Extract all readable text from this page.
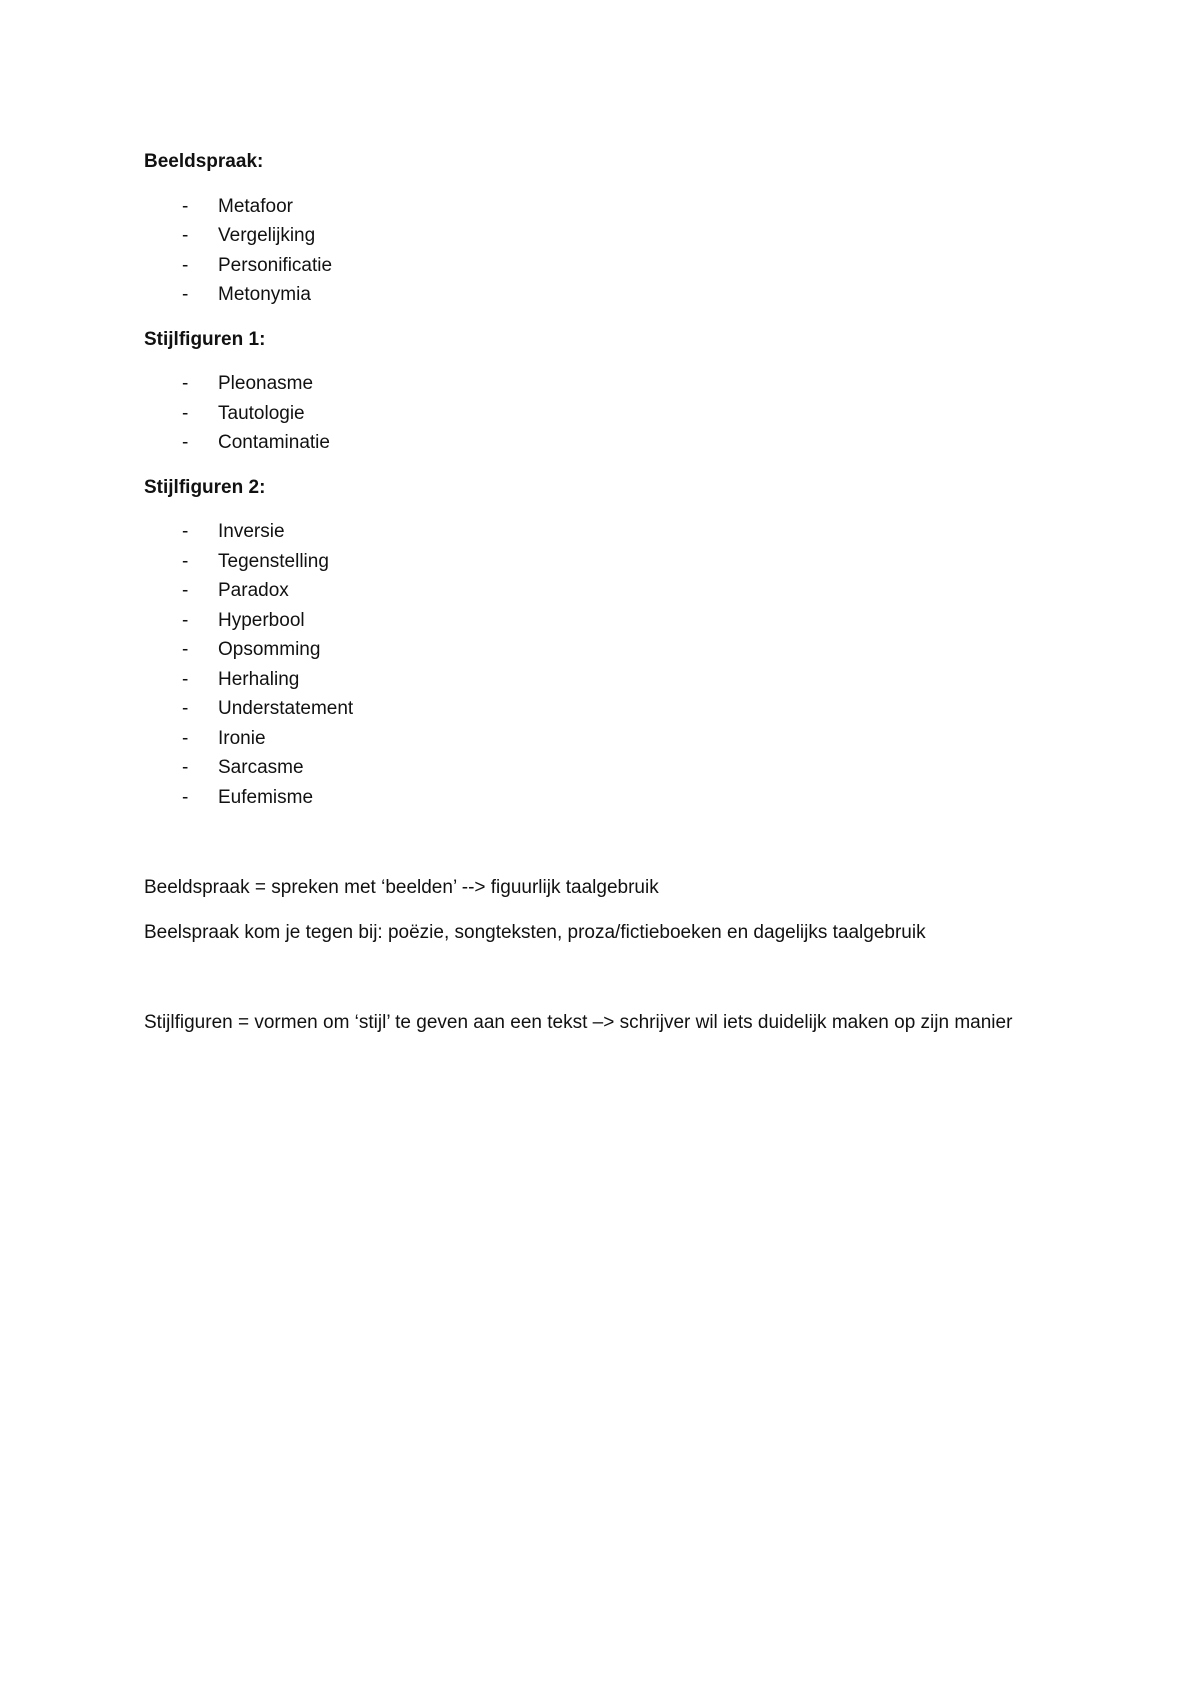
Beeldspraak:
- Metafoor
- Vergelijking
- Personificatie
- Metonymia
Stijlfiguren 1:
- Pleonasme
- Tautologie
- Contaminatie
Stijlfiguren 2:
- Inversie
- Tegenstelling
- Paradox
- Hyperbool
- Opsomming
- Herhaling
- Understatement
- Ironie
- Sarcasme
- Eufemisme

Beeldspraak = spreken met ‘beelden’ --> figuurlijk taalgebruik

Beelspraak kom je tegen bij: poëzie, songteksten, proza/fictieboeken en dagelijks taalgebruik

Stijlfiguren = vormen om ‘stijl’ te geven aan een tekst –> schrijver wil iets duidelijk maken op zijn manier
